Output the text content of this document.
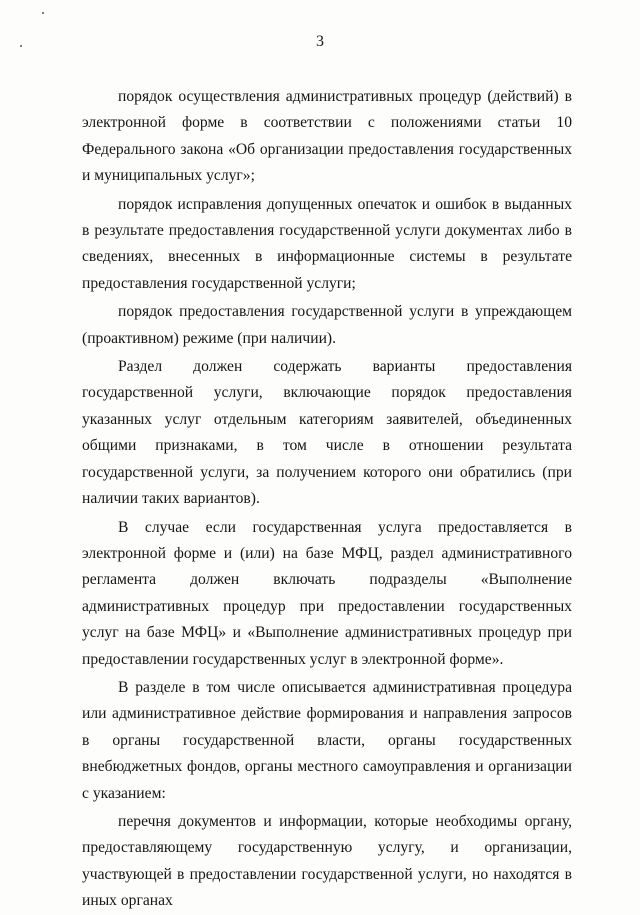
3

порядок осуществления административных процедур (действий) в электронной форме в соответствии с положениями статьи 10 Федерального закона «Об организации предоставления государственных и муниципальных услуг»;

порядок исправления допущенных опечаток и ошибок в выданных в результате предоставления государственной услуги документах либо в сведениях, внесенных в информационные системы в результате предоставления государственной услуги;

порядок предоставления государственной услуги в упреждающем (проактивном) режиме (при наличии).

Раздел должен содержать варианты предоставления государственной услуги, включающие порядок предоставления указанных услуг отдельным категориям заявителей, объединенных общими признаками, в том числе в отношении результата государственной услуги, за получением которого они обратились (при наличии таких вариантов).

В случае если государственная услуга предоставляется в электронной форме и (или) на базе МФЦ, раздел административного регламента должен включать подразделы «Выполнение административных процедур при предоставлении государственных услуг на базе МФЦ» и «Выполнение административных процедур при предоставлении государственных услуг в электронной форме».

В разделе в том числе описывается административная процедура или административное действие формирования и направления запросов в органы государственной власти, органы государственных внебюджетных фондов, органы местного самоуправления и организации с указанием:

перечня документов и информации, которые необходимы органу, предоставляющему государственную услугу, и организации, участвующей в предоставлении государственной услуги, но находятся в иных органах
